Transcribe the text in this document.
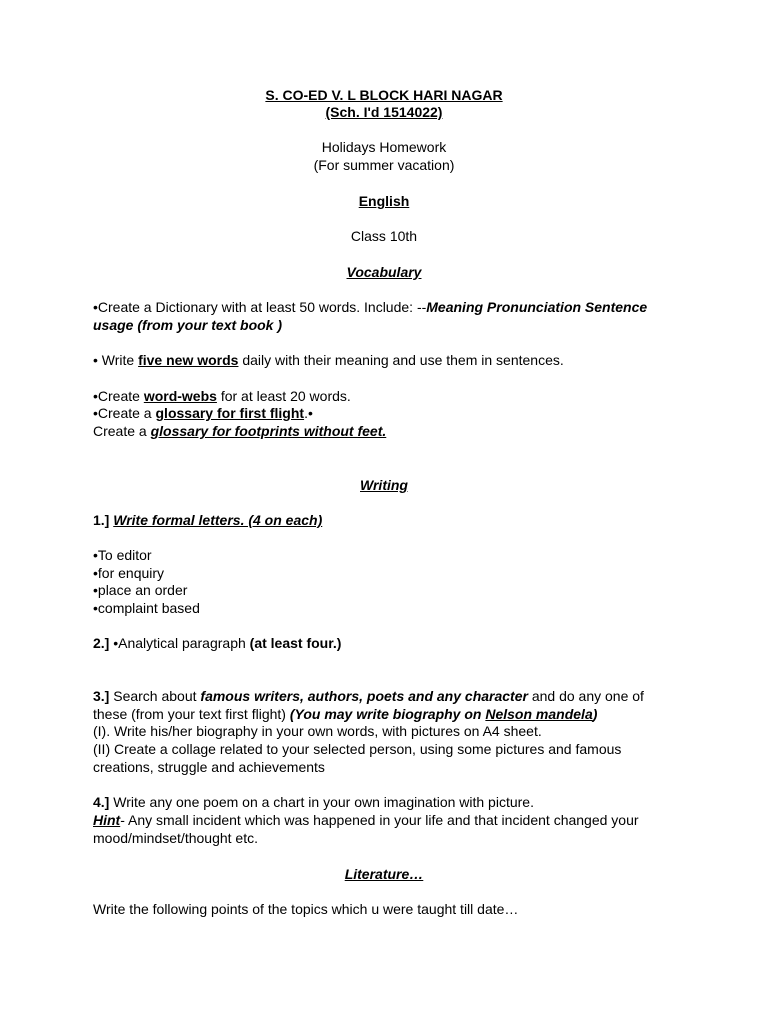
S. CO-ED V. L BLOCK HARI NAGAR
(Sch. I'd 1514022)
Holidays Homework
(For summer vacation)
English
Class 10th
Vocabulary
•Create a Dictionary with at least 50 words. Include: --Meaning Pronunciation Sentence
usage (from your text book )
• Write five new words daily with their meaning and use them in sentences.
•Create word-webs for at least 20 words.
•Create a glossary for first flight.•
Create a glossary for footprints without feet.
Writing
1.] Write formal letters. (4 on each)
•To editor
•for enquiry
•place an order
•complaint based
2.] •Analytical paragraph (at least four.)
3.] Search about famous writers, authors, poets and any character and do any one of
these (from your text first flight) (You may write biography on Nelson mandela)
(I). Write his/her biography in your own words, with pictures on A4 sheet.
(II) Create a collage related to your selected person, using some pictures and famous
creations, struggle and achievements
4.] Write any one poem on a chart in your own imagination with picture.
Hint- Any small incident which was happened in your life and that incident changed your
mood/mindset/thought etc.
Literature…
Write the following points of the topics which u were taught till date…
